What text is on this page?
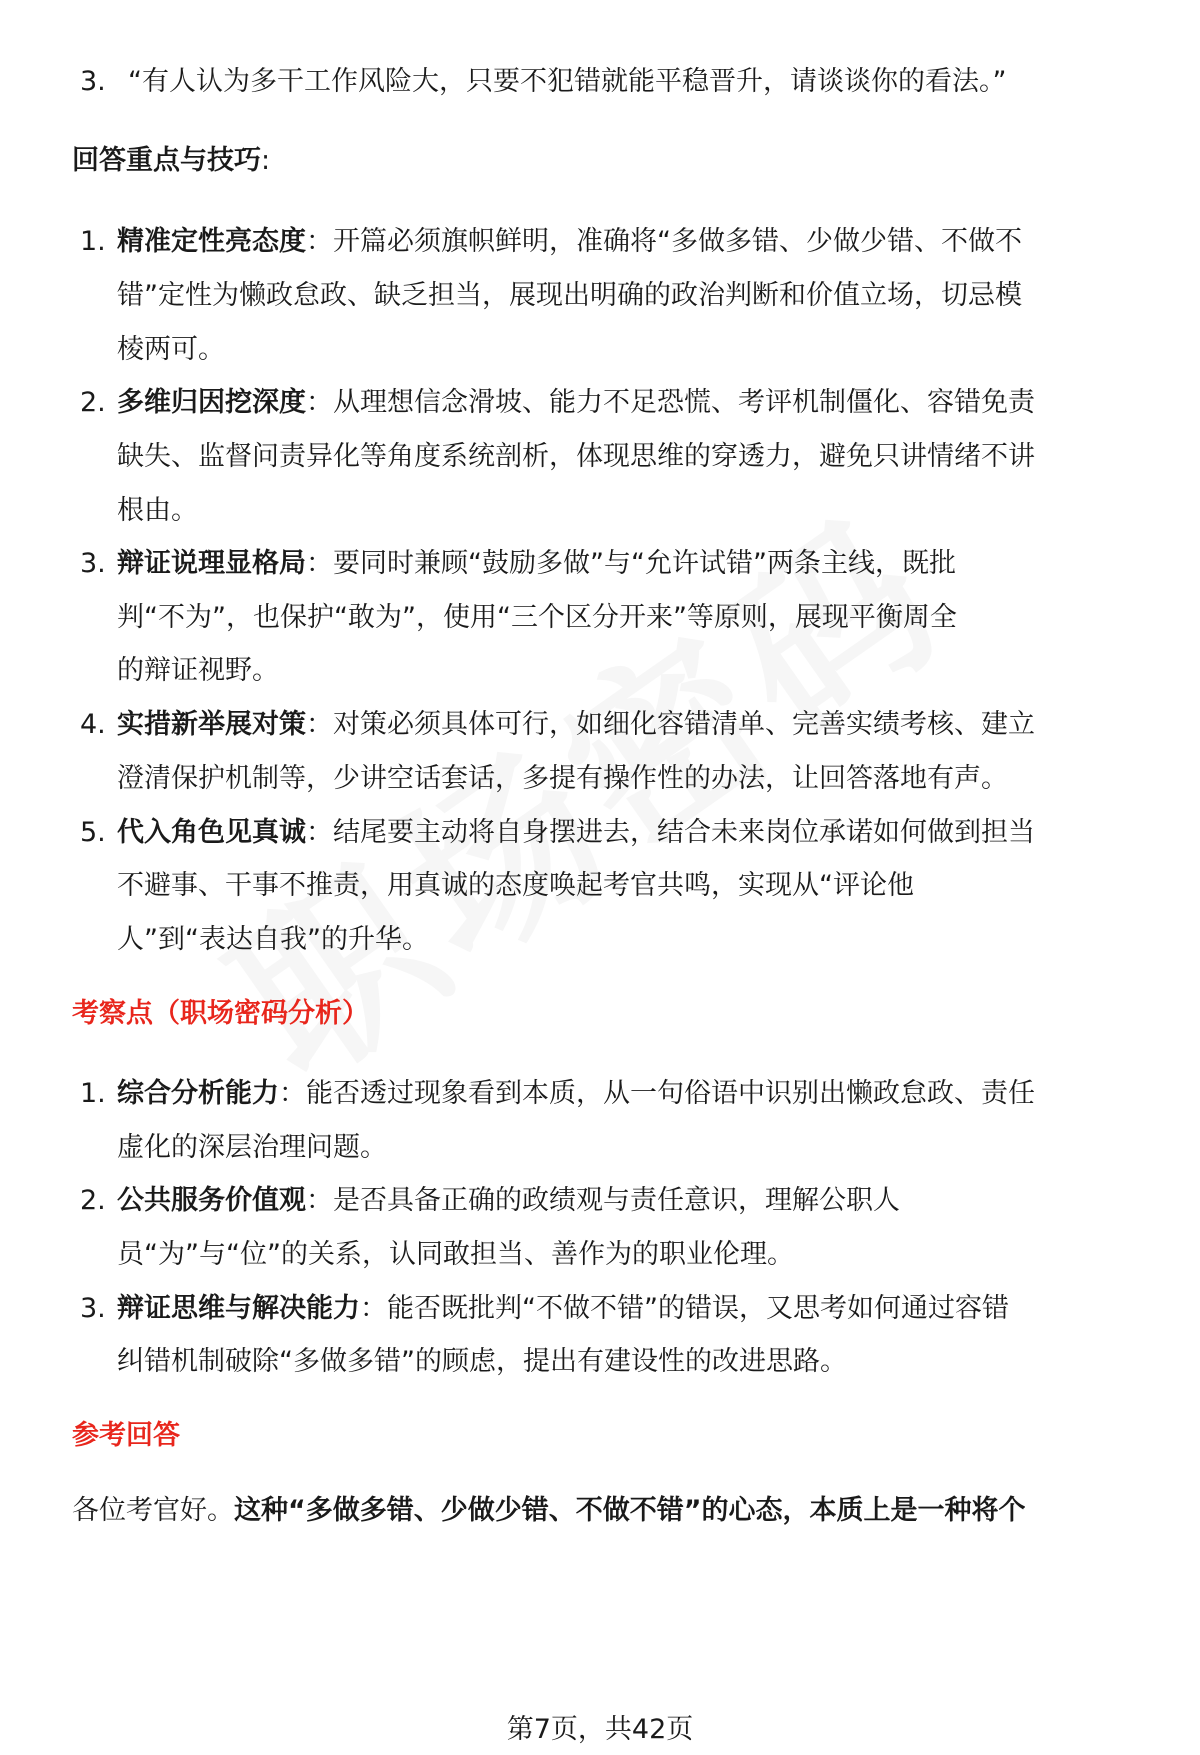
3. “有人认为多干工作风险大，只要不犯错就能平稳晋升，请谈谈你的看法。”
回答重点与技巧:
1. 精准定性亮态度：开篇必须旗帜鲜明，准确将“多做多错、少做少错、不做不
错”定性为懒政怠政、缺乏担当，展现出明确的政治判断和价值立场，切忌模
棱两可。
2. 多维归因挖深度：从理想信念滑坡、能力不足恐慌、考评机制僵化、容错免责
缺失、监督问责异化等角度系统剖析，体现思维的穿透力，避免只讲情绪不讲
根由。
3. 辩证说理显格局：要同时兼顾“鼓励多做”与“允许试错”两条主线，既批
判“不为”，也保护“敢为”，使用“三个区分开来”等原则，展现平衡周全
的辩证视野。
4. 实措新举展对策：对策必须具体可行，如细化容错清单、完善实绩考核、建立
澄清保护机制等，少讲空话套话，多提有操作性的办法，让回答落地有声。
5. 代入角色见真诚：结尾要主动将自身摆进去，结合未来岗位承诺如何做到担当
不避事、干事不推责，用真诚的态度唤起考官共鸣，实现从“评论他
人”到“表达自我”的升华。
考察点（职场密码分析）
1. 综合分析能力：能否透过现象看到本质，从一句俗语中识别出懒政怠政、责任
虚化的深层治理问题。
2. 公共服务价值观：是否具备正确的政绩观与责任意识，理解公职人
员“为”与“位”的关系，认同敢担当、善作为的职业伦理。
3. 辩证思维与解决能力：能否既批判“不做不错”的错误，又思考如何通过容错
纠错机制破除“多做多错”的顾虑，提出有建设性的改进思路。
参考回答
各位考官好。这种“多做多错、少做少错、不做不错”的心态，本质上是一种将个
第7页，共42页
